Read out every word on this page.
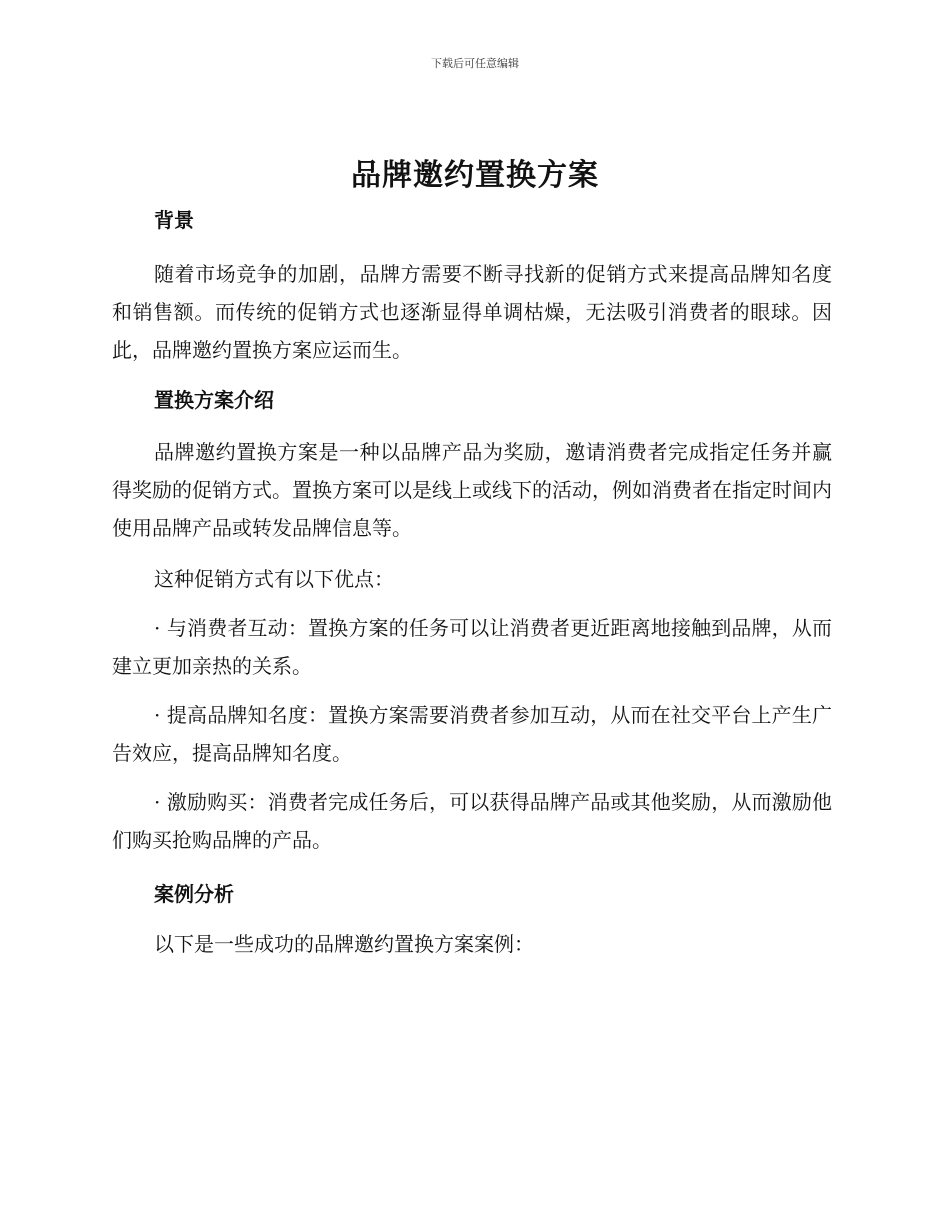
下载后可任意编辑
品牌邀约置换方案

背景

随着市场竞争的加剧，品牌方需要不断寻找新的促销方式来提高品牌知名度和销售额。而传统的促销方式也逐渐显得单调枯燥，无法吸引消费者的眼球。因此，品牌邀约置换方案应运而生。

置换方案介绍

品牌邀约置换方案是一种以品牌产品为奖励，邀请消费者完成指定任务并赢得奖励的促销方式。置换方案可以是线上或线下的活动，例如消费者在指定时间内使用品牌产品或转发品牌信息等。

这种促销方式有以下优点：

· 与消费者互动：置换方案的任务可以让消费者更近距离地接触到品牌，从而建立更加亲热的关系。

· 提高品牌知名度：置换方案需要消费者参加互动，从而在社交平台上产生广告效应，提高品牌知名度。

· 激励购买：消费者完成任务后，可以获得品牌产品或其他奖励，从而激励他们购买抢购品牌的产品。

案例分析

以下是一些成功的品牌邀约置换方案案例：
